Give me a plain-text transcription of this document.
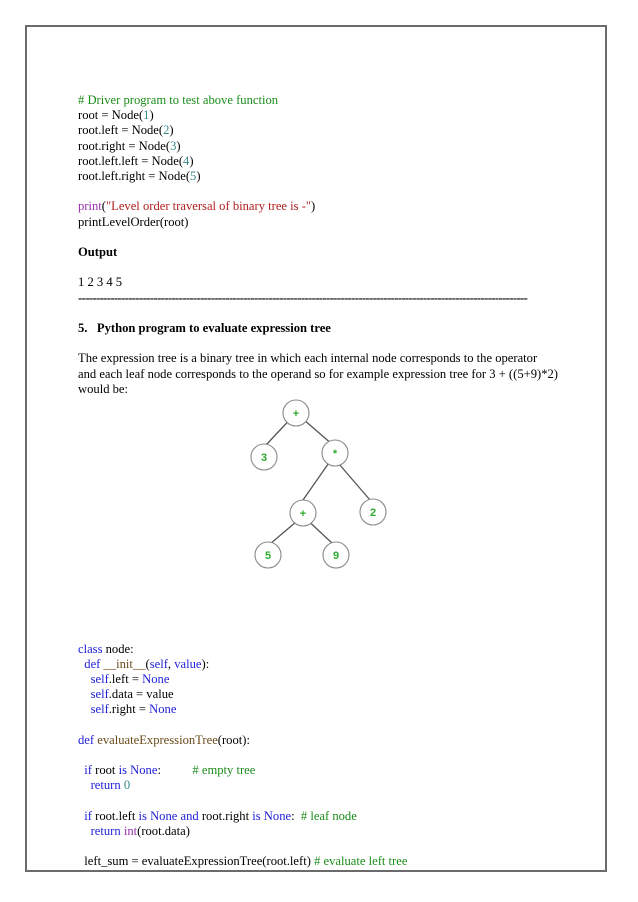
# Driver program to test above function
root = Node(1)
root.left = Node(2)
root.right = Node(3)
root.left.left = Node(4)
root.left.right = Node(5)
print("Level order traversal of binary tree is -")
printLevelOrder(root)
Output
1 2 3 4 5
-----------------------------------------------------------------------------------------------------------------------------
5.   Python program to evaluate expression tree
The expression tree is a binary tree in which each internal node corresponds to the operator and each leaf node corresponds to the operand so for example expression tree for 3 + ((5+9)*2) would be:
class node:
def __init__(self, value):
self.left = None
self.data = value
self.right = None
def evaluateExpressionTree(root):
if root is None:          # empty tree
return 0
if root.left is None and root.right is None:  # leaf node
return int(root.data)
left_sum = evaluateExpressionTree(root.left) # evaluate left tree
+
3	*
+	2
5	9
